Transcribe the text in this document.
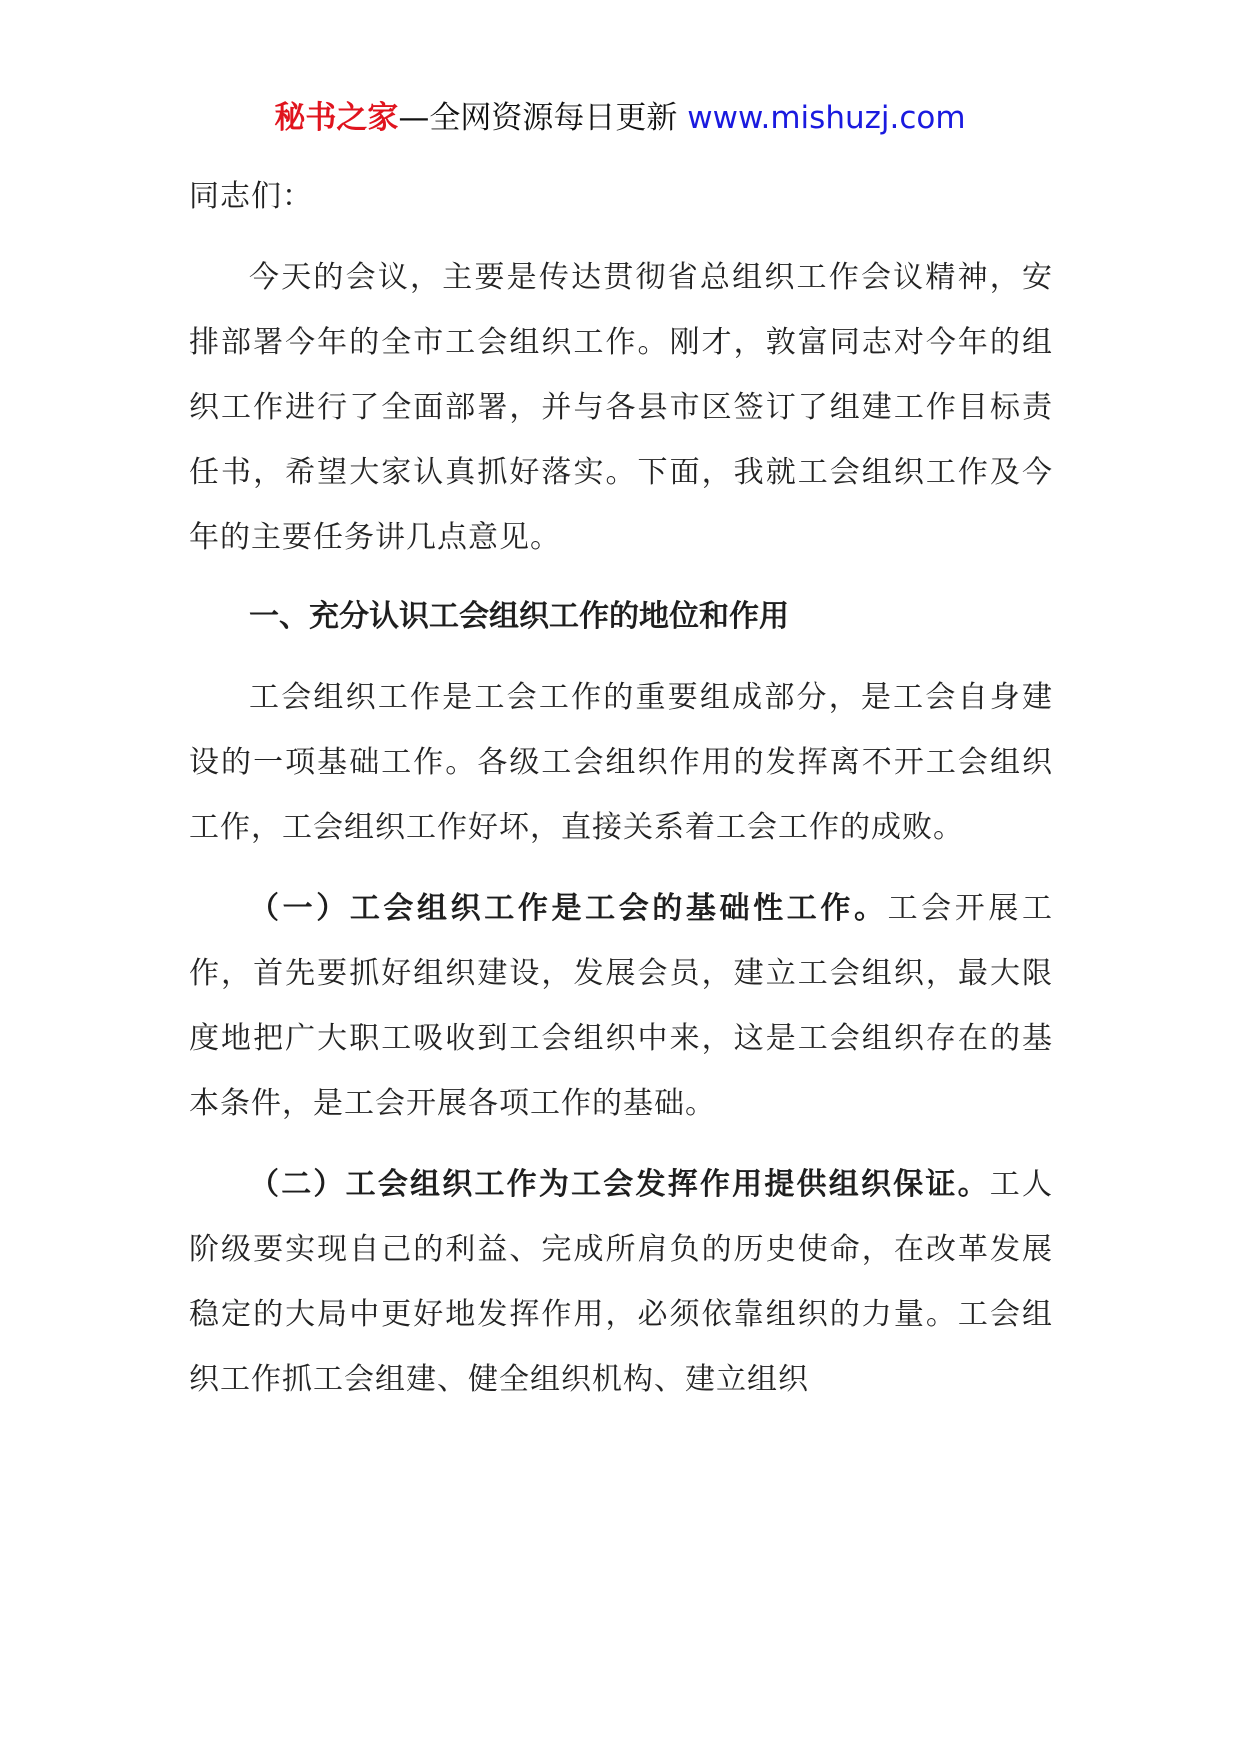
秘书之家—全网资源每日更新 www.mishuzj.com

同志们：

今天的会议，主要是传达贯彻省总组织工作会议精神，安排部署今年的全市工会组织工作。刚才，敦富同志对今年的组织工作进行了全面部署，并与各县市区签订了组建工作目标责任书，希望大家认真抓好落实。下面，我就工会组织工作及今年的主要任务讲几点意见。

一、充分认识工会组织工作的地位和作用

工会组织工作是工会工作的重要组成部分，是工会自身建设的一项基础工作。各级工会组织作用的发挥离不开工会组织工作，工会组织工作好坏，直接关系着工会工作的成败。

（一）工会组织工作是工会的基础性工作。工会开展工作，首先要抓好组织建设，发展会员，建立工会组织，最大限度地把广大职工吸收到工会组织中来，这是工会组织存在的基本条件，是工会开展各项工作的基础。

（二）工会组织工作为工会发挥作用提供组织保证。工人阶级要实现自己的利益、完成所肩负的历史使命，在改革发展稳定的大局中更好地发挥作用，必须依靠组织的力量。工会组织工作抓工会组建、健全组织机构、建立组织
